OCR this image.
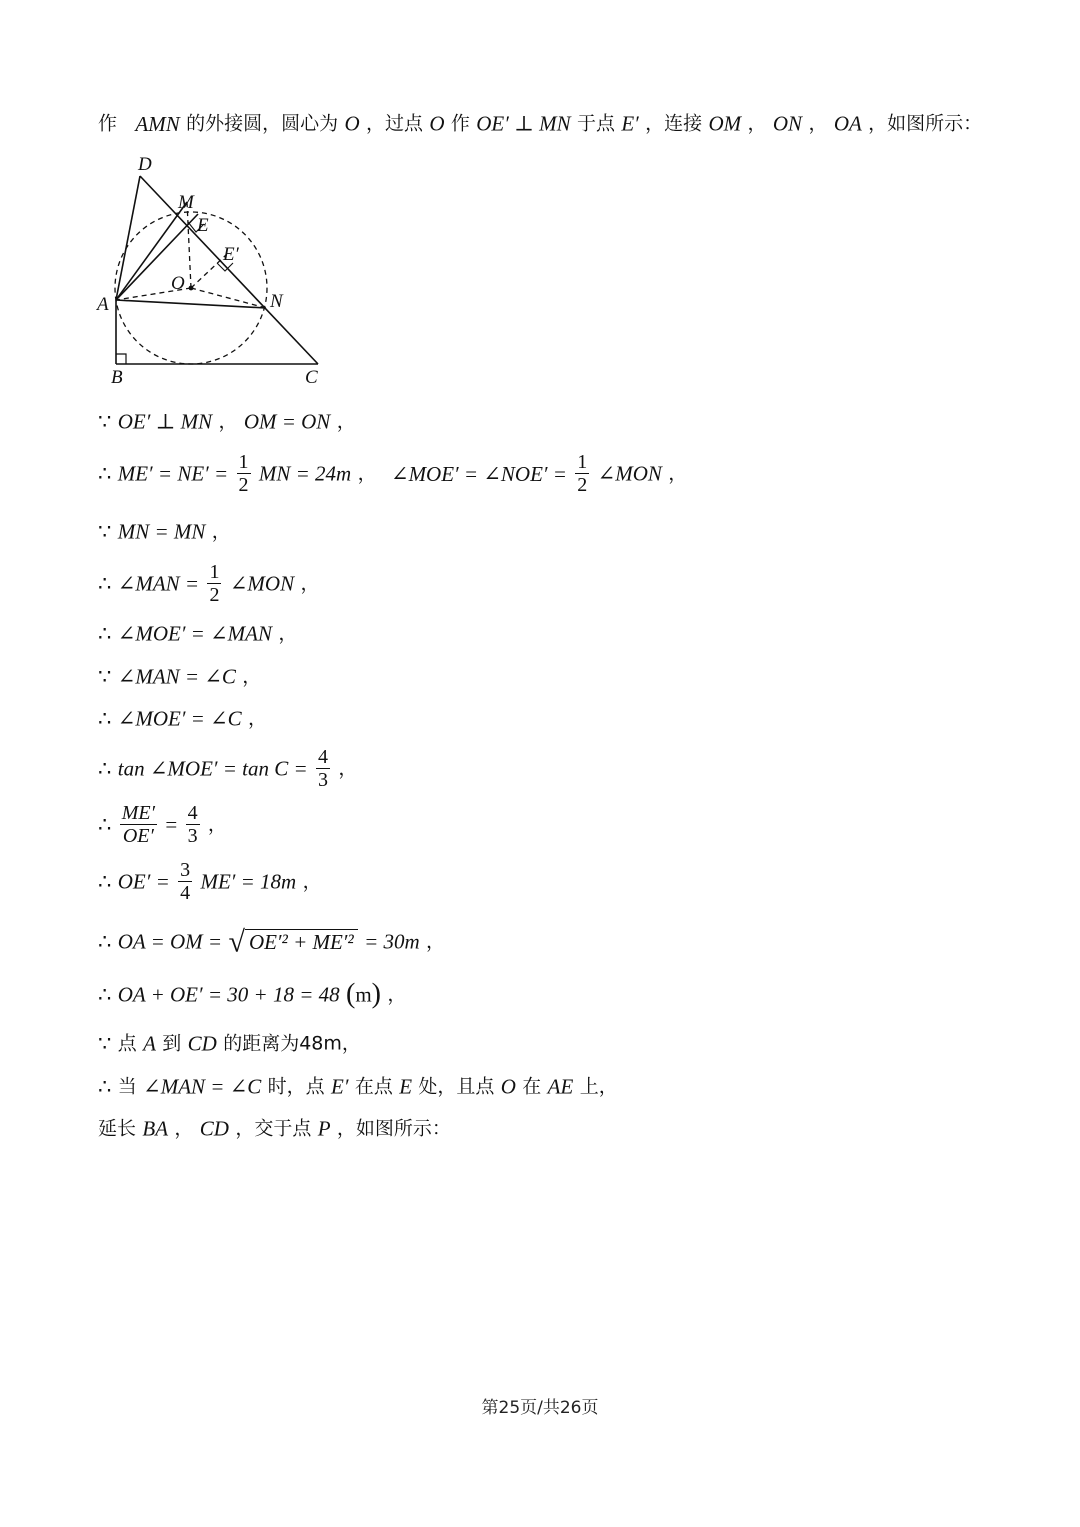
作 AMN 的外接圆，圆心为 O ，过点 O 作 OE′ ⊥ MN 于点 E′ ，连接 OM ， ON ， OA ，如图所示：
D
M
E
E′
O
N
A
B	C
∵ OE′ ⊥ MN ， OM = ON ，
∴ $ME' = NE' = \frac{1}{2}$ MN = 24m ， ∠MOE′ = ∠NOE′ = $\frac{1}{2}$ ∠MON ，
∵ MN = MN ，
∴ ∠MAN = $\frac{1}{2}$ ∠MON ，
∴ ∠MOE′ = ∠MAN ，
∵ ∠MAN = ∠C ，
∴ ∠MOE′ = ∠C ，
∴ tan ∠MOE′ = $\tan C = \frac{4}{3}$ ，
∴ $\frac{ME'}{OE'} = \frac{4}{3}$ ，
∴ $OE' = \frac{3}{4} ME' = 18m$ ，
∴ OA = OM = √ OE′² + ME′² = 30m ，
∴ OA + OE′ = 30 + 18 = 48 (m) ，
∵ 点 A 到 CD 的距离为48m，
∴ 当 ∠MAN = ∠C 时，点 E′ 在点 E 处，且点 O 在 AE 上，
延长 BA ， CD ，交于点 P ，如图所示：
第25页/共26页
